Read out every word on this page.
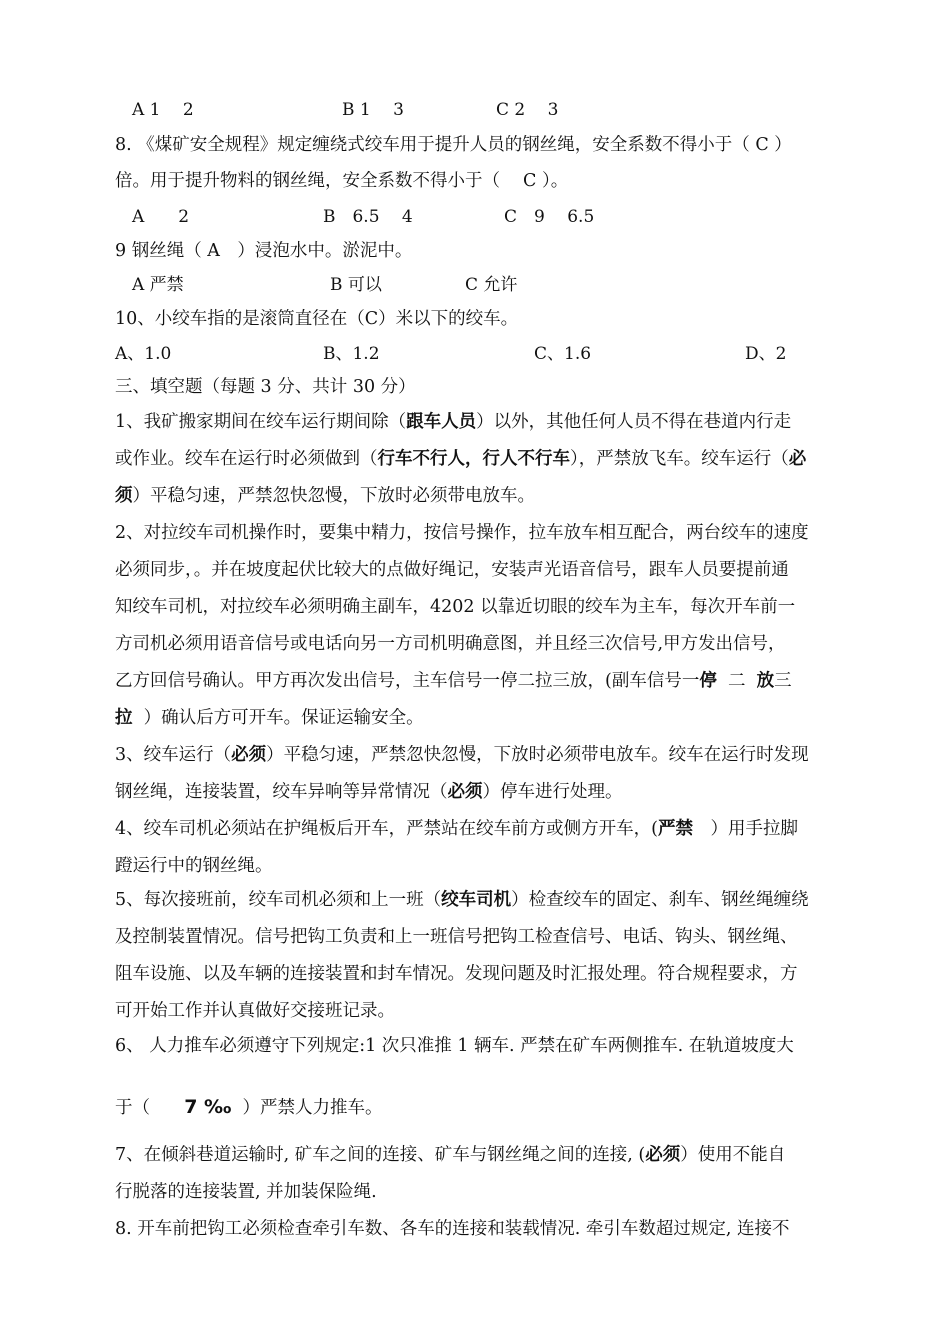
A 1　 2	B 1　 3	C 2　 3
8. 《煤矿安全规程》规定缠绕式绞车用于提升人员的钢丝绳，安全系数不得小于（ C ）
倍。用于提升物料的钢丝绳，安全系数不得小于（　 C ）。
A　　2	B　6.5　 4	C　9　 6.5
9 钢丝绳（ A　）浸泡水中。淤泥中。
A 严禁	B 可以	C 允许
10、小绞车指的是滚筒直径在（C）米以下的绞车。
A、1.0	B、1.2	C、1.6	D、2
三、填空题（每题 3 分、共计 30 分）
1、我矿搬家期间在绞车运行期间除（跟车人员）以外，其他任何人员不得在巷道内行走
或作业。绞车在运行时必须做到（行车不行人，行人不行车），严禁放飞车。绞车运行（必
须）平稳匀速，严禁忽快忽慢，下放时必须带电放车。
2、对拉绞车司机操作时，要集中精力，按信号操作，拉车放车相互配合，两台绞车的速度
必须同步，。并在坡度起伏比较大的点做好绳记，安装声光语音信号，跟车人员要提前通
知绞车司机，对拉绞车必须明确主副车，4202 以靠近切眼的绞车为主车，每次开车前一
方司机必须用语音信号或电话向另一方司机明确意图，并且经三次信号,甲方发出信号，
乙方回信号确认。甲方再次发出信号，主车信号一停二拉三放，(副车信号一停 二 放三
拉 ）确认后方可开车。保证运输安全。
3、绞车运行（必须）平稳匀速，严禁忽快忽慢，下放时必须带电放车。绞车在运行时发现
钢丝绳，连接装置，绞车异响等异常情况（必须）停车进行处理。
4、绞车司机必须站在护绳板后开车，严禁站在绞车前方或侧方开车，(严禁　）用手拉脚
蹬运行中的钢丝绳。
5、每次接班前，绞车司机必须和上一班（绞车司机）检查绞车的固定、刹车、钢丝绳缠绕
及控制装置情况。信号把钩工负责和上一班信号把钩工检查信号、电话、钩头、钢丝绳、
阻车设施、以及车辆的连接装置和封车情况。发现问题及时汇报处理。符合规程要求，方
可开始工作并认真做好交接班记录。
6、 人力推车必须遵守下列规定:1 次只准推 1 辆车. 严禁在矿车两侧推车. 在轨道坡度大
于（　   7 ‰ ）严禁人力推车。
7、在倾斜巷道运输时, 矿车之间的连接、矿车与钢丝绳之间的连接, (必须）使用不能自
行脱落的连接装置, 并加装保险绳.
8. 开车前把钩工必须检查牵引车数、各车的连接和装载情况. 牵引车数超过规定, 连接不
